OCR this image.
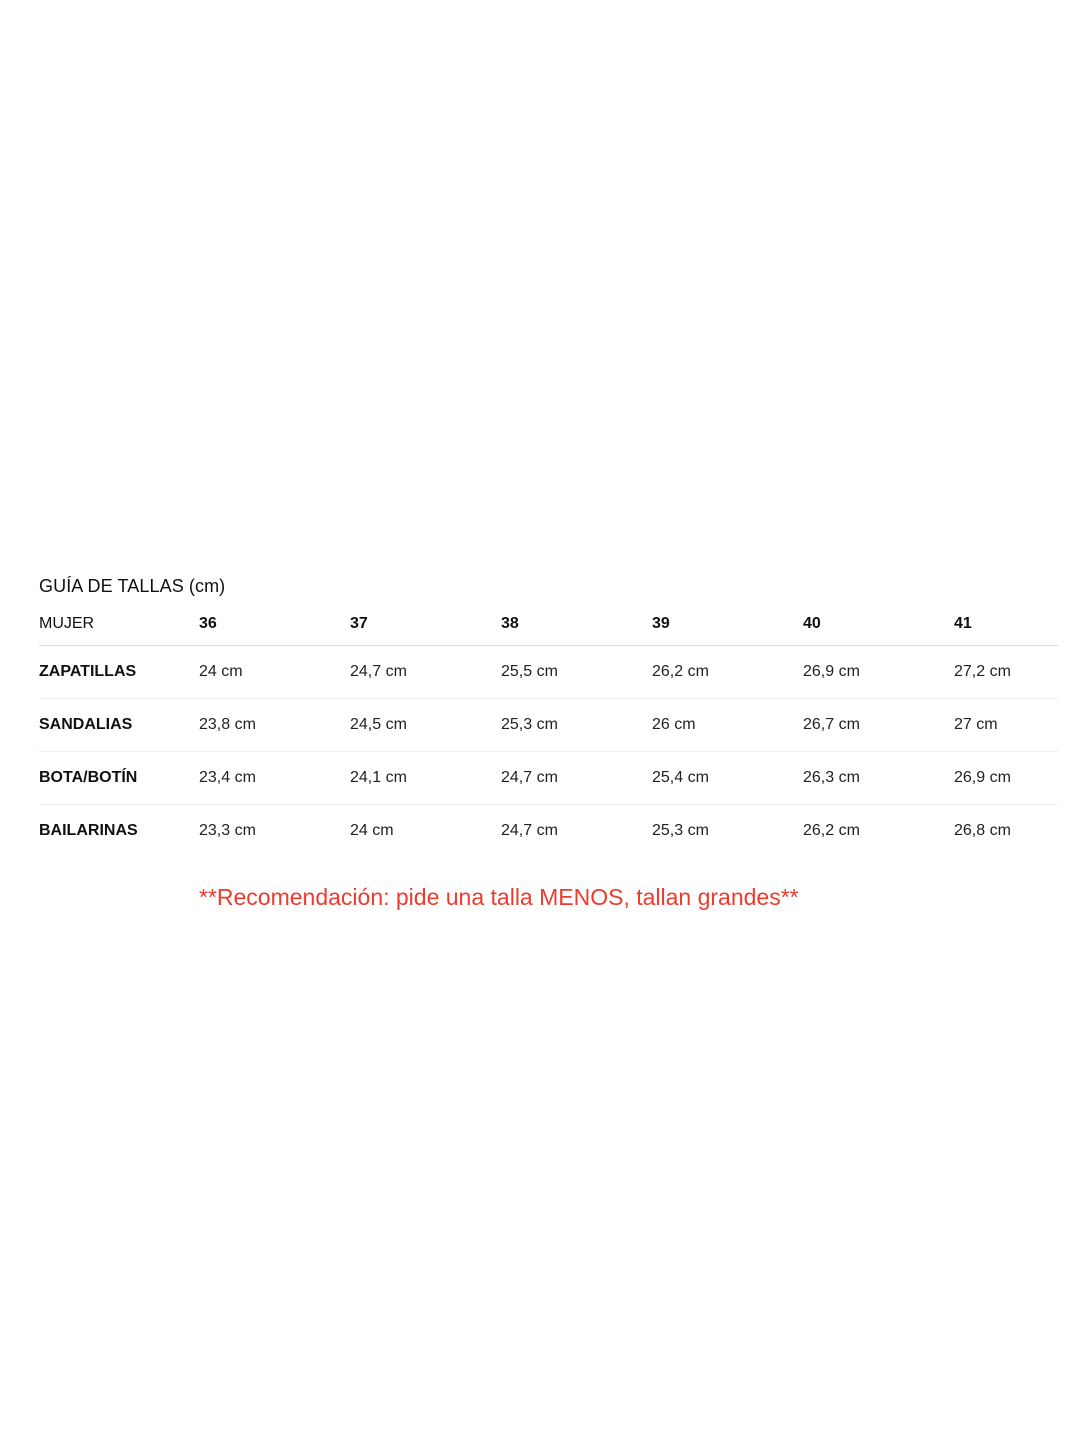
GUÍA DE TALLAS (cm)
MUJER	36	37	38	39	40	41
ZAPATILLAS	24 cm	24,7 cm	25,5 cm	26,2 cm	26,9 cm	27,2 cm
SANDALIAS	23,8 cm	24,5 cm	25,3 cm	26 cm	26,7 cm	27 cm
BOTA/BOTÍN	23,4 cm	24,1 cm	24,7 cm	25,4 cm	26,3 cm	26,9 cm
BAILARINAS	23,3 cm	24 cm	24,7 cm	25,3 cm	26,2 cm	26,8 cm
**Recomendación: pide una talla MENOS, tallan grandes**
